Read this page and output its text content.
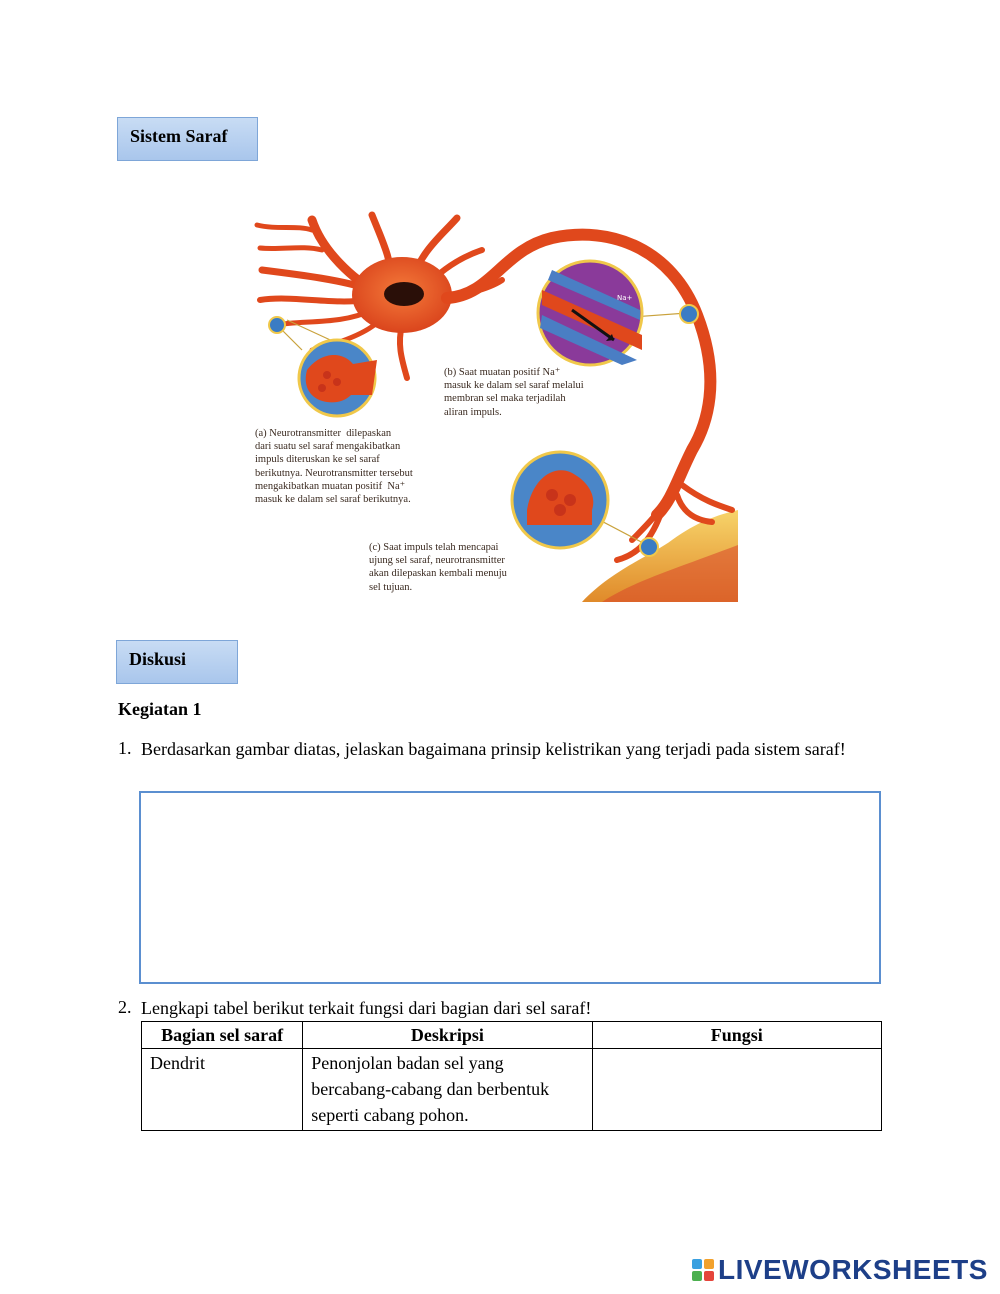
Sistem Saraf
Na+
(a) Neurotransmitter  dilepaskan
dari suatu sel saraf mengakibatkan
impuls diteruskan ke sel saraf
berikutnya. Neurotransmitter tersebut
mengakibatkan muatan positif  Na⁺
masuk ke dalam sel saraf berikutnya.
(b) Saat muatan positif Na⁺
masuk ke dalam sel saraf melalui
membran sel maka terjadilah
aliran impuls.
(c) Saat impuls telah mencapai
ujung sel saraf, neurotransmitter
akan dilepaskan kembali menuju
sel tujuan.
Diskusi
Kegiatan 1
1. Berdasarkan gambar diatas, jelaskan bagaimana prinsip kelistrikan yang terjadi pada sistem saraf!
2. Lengkapi tabel berikut terkait fungsi dari bagian dari sel saraf!
Bagian sel saraf	Deskripsi	Fungsi
Dendrit	Penonjolan badan sel yang bercabang-cabang dan berbentuk seperti cabang pohon.	
LIVEWORKSHEETS
